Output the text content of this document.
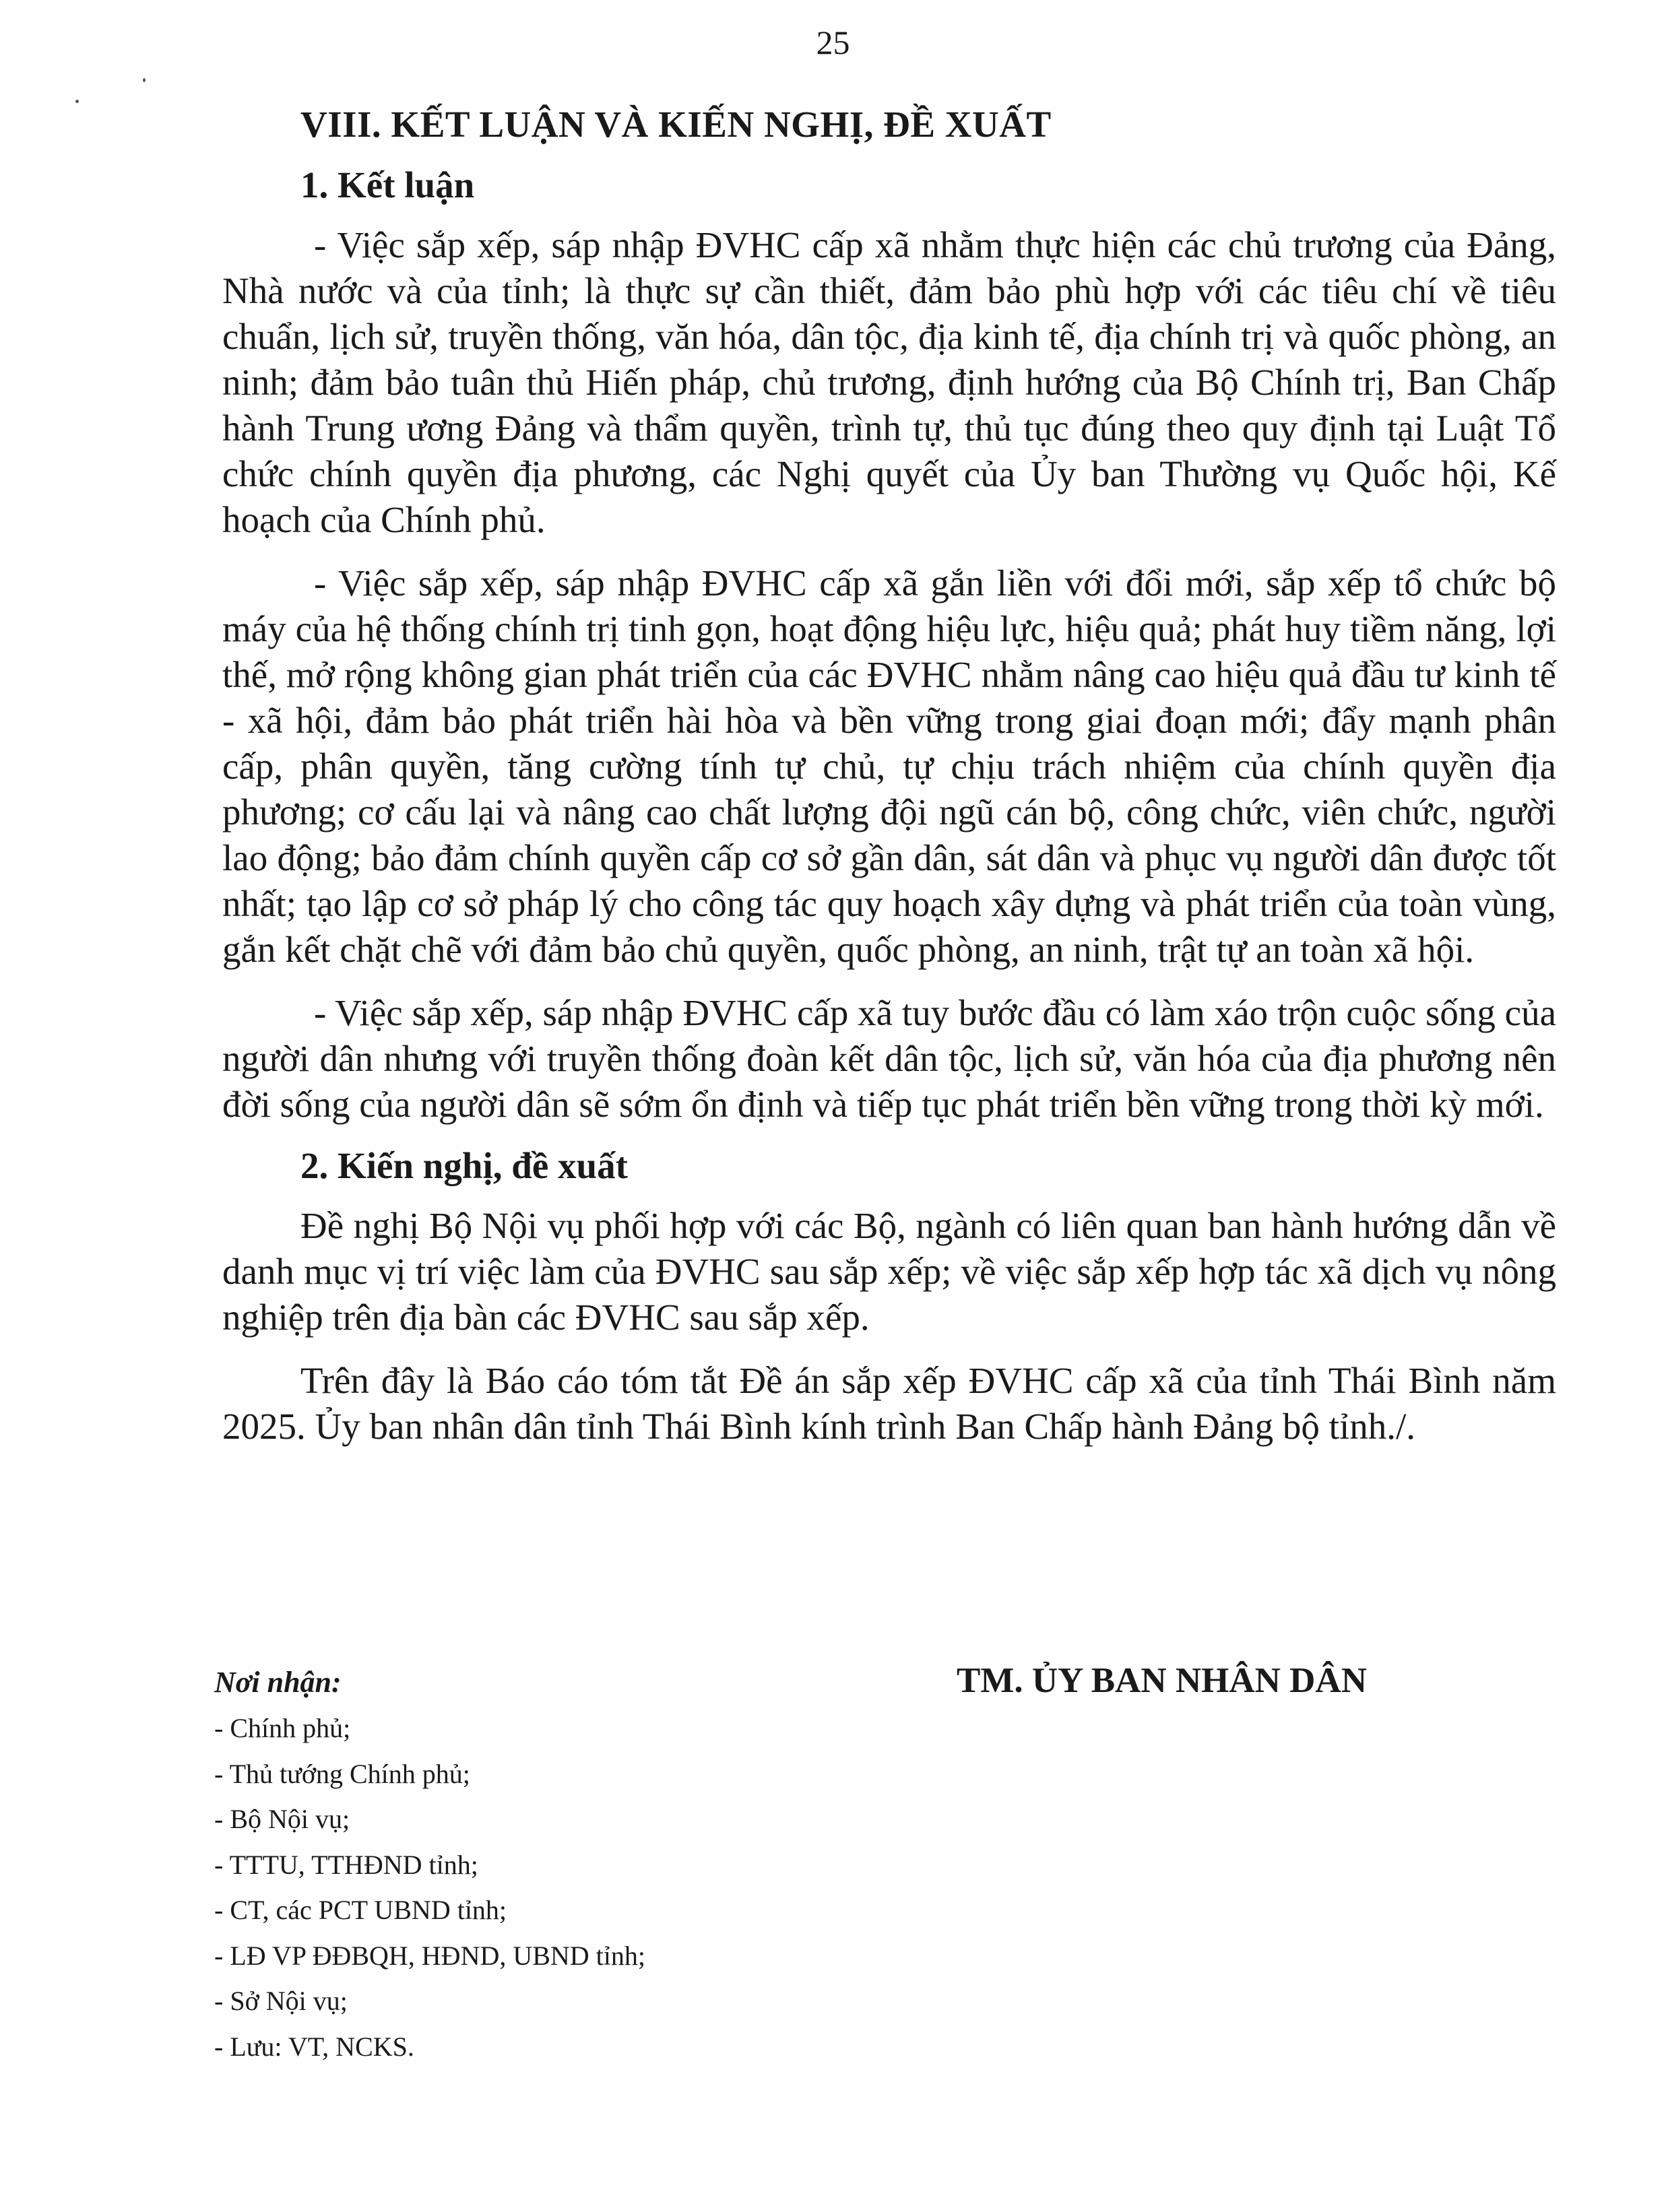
25
VIII. KẾT LUẬN VÀ KIẾN NGHỊ, ĐỀ XUẤT
1. Kết luận

- Việc sắp xếp, sáp nhập ĐVHC cấp xã nhằm thực hiện các chủ trương của Đảng, Nhà nước và của tỉnh; là thực sự cần thiết, đảm bảo phù hợp với các tiêu chí về tiêu chuẩn, lịch sử, truyền thống, văn hóa, dân tộc, địa kinh tế, địa chính trị và quốc phòng, an ninh; đảm bảo tuân thủ Hiến pháp, chủ trương, định hướng của Bộ Chính trị, Ban Chấp hành Trung ương Đảng và thẩm quyền, trình tự, thủ tục đúng theo quy định tại Luật Tổ chức chính quyền địa phương, các Nghị quyết của Ủy ban Thường vụ Quốc hội, Kế hoạch của Chính phủ.

- Việc sắp xếp, sáp nhập ĐVHC cấp xã gắn liền với đổi mới, sắp xếp tổ chức bộ máy của hệ thống chính trị tinh gọn, hoạt động hiệu lực, hiệu quả; phát huy tiềm năng, lợi thế, mở rộng không gian phát triển của các ĐVHC nhằm nâng cao hiệu quả đầu tư kinh tế - xã hội, đảm bảo phát triển hài hòa và bền vững trong giai đoạn mới; đẩy mạnh phân cấp, phân quyền, tăng cường tính tự chủ, tự chịu trách nhiệm của chính quyền địa phương; cơ cấu lại và nâng cao chất lượng đội ngũ cán bộ, công chức, viên chức, người lao động; bảo đảm chính quyền cấp cơ sở gần dân, sát dân và phục vụ người dân được tốt nhất; tạo lập cơ sở pháp lý cho công tác quy hoạch xây dựng và phát triển của toàn vùng, gắn kết chặt chẽ với đảm bảo chủ quyền, quốc phòng, an ninh, trật tự an toàn xã hội.

- Việc sắp xếp, sáp nhập ĐVHC cấp xã tuy bước đầu có làm xáo trộn cuộc sống của người dân nhưng với truyền thống đoàn kết dân tộc, lịch sử, văn hóa của địa phương nên đời sống của người dân sẽ sớm ổn định và tiếp tục phát triển bền vững trong thời kỳ mới.

2. Kiến nghị, đề xuất

Đề nghị Bộ Nội vụ phối hợp với các Bộ, ngành có liên quan ban hành hướng dẫn về danh mục vị trí việc làm của ĐVHC sau sắp xếp; về việc sắp xếp hợp tác xã dịch vụ nông nghiệp trên địa bàn các ĐVHC sau sắp xếp.

Trên đây là Báo cáo tóm tắt Đề án sắp xếp ĐVHC cấp xã của tỉnh Thái Bình năm 2025. Ủy ban nhân dân tỉnh Thái Bình kính trình Ban Chấp hành Đảng bộ tỉnh./.

Nơi nhận:
- Chính phủ;
- Thủ tướng Chính phủ;
- Bộ Nội vụ;
- TTTU, TTHĐND tỉnh;
- CT, các PCT UBND tỉnh;
- LĐ VP ĐĐBQH, HĐND, UBND tỉnh;
- Sở Nội vụ;
- Lưu: VT, NCKS.
TM. ỦY BAN NHÂN DÂN
